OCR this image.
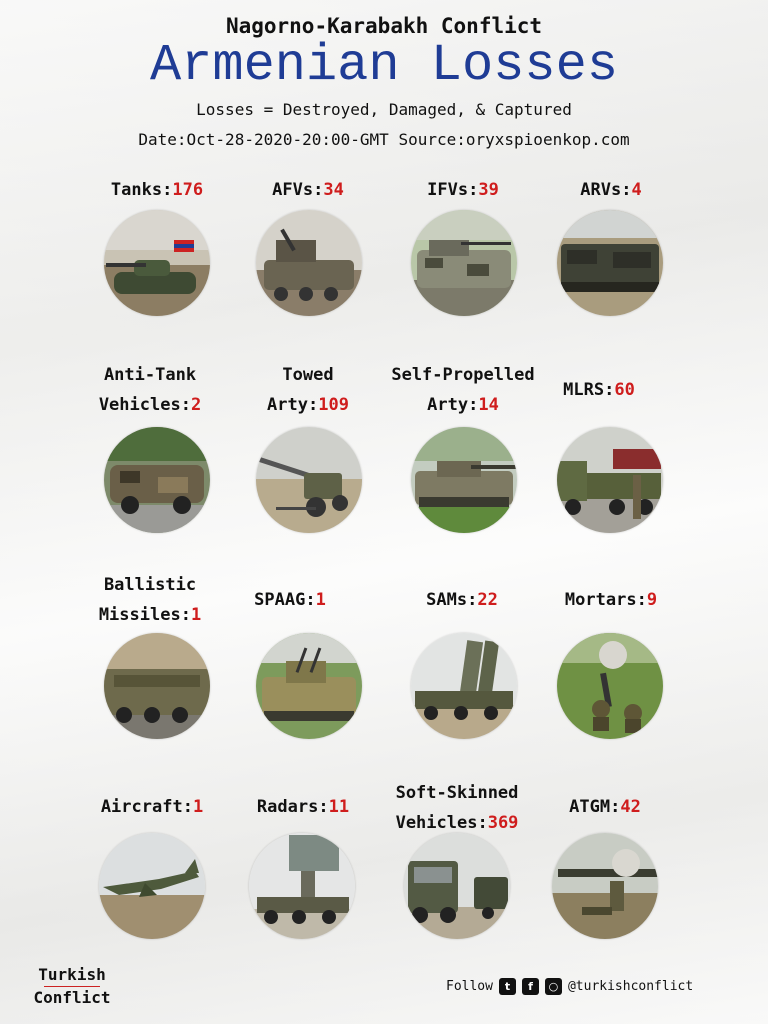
Nagorno-Karabakh Conflict
Armenian Losses
Losses = Destroyed, Damaged, & Captured
Date:Oct-28-2020-20:00-GMT Source:oryxspioenkop.com
Tanks:176	AFVs:34	IFVs:39	ARVs:4
Anti-Tank
Vehicles:2
Towed
Arty:109
Self-Propelled
Arty:14
MLRS:60
Ballistic
Missiles:1
SPAAG:1	SAMs:22	Mortars:9
Aircraft:1	Radars:11
Soft-Skinned
Vehicles:369
ATGM:42
Turkish
Conflict
Follow	t	f	○ @turkishconflict
